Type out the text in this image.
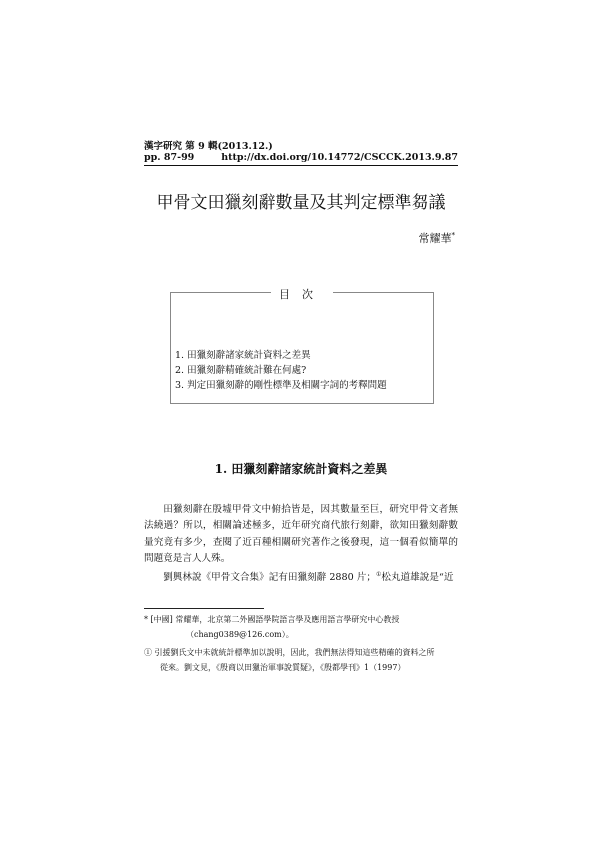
漢字研究 第 9 輯(2013.12.)
pp. 87-99	http://dx.doi.org/10.14772/CSCCK.2013.9.87
甲骨文田獵刻辭數量及其判定標準芻議
常耀華*
目次
1. 田獵刻辭諸家統計資料之差異
2. 田獵刻辭精確統計難在何處?
3. 判定田獵刻辭的剛性標準及相關字詞的考釋問題
1. 田獵刻辭諸家統計資料之差異

田獵刻辭在殷墟甲骨文中俯拾皆是，因其數量至巨，研究甲骨文者無法繞過？所以，相關論述極多，近年研究商代旅行刻辭，欲知田獵刻辭數量究竟有多少，查閱了近百種相關研究著作之後發現，這一個看似簡單的問題竟是言人人殊。

劉興林說《甲骨文合集》記有田獵刻辭 2880 片；①松丸道雄說是“近

* [中國] 常耀華，北京第二外國語學院語言學及應用語言學研究中心教授
（chang0389@126.com）。
① 引援劉氏文中未就統計標準加以說明，因此，我們無法得知這些精確的資料之所
從來。劉文見，《殷商以田獵治軍事說質疑》，《殷都學刊》1（1997）
